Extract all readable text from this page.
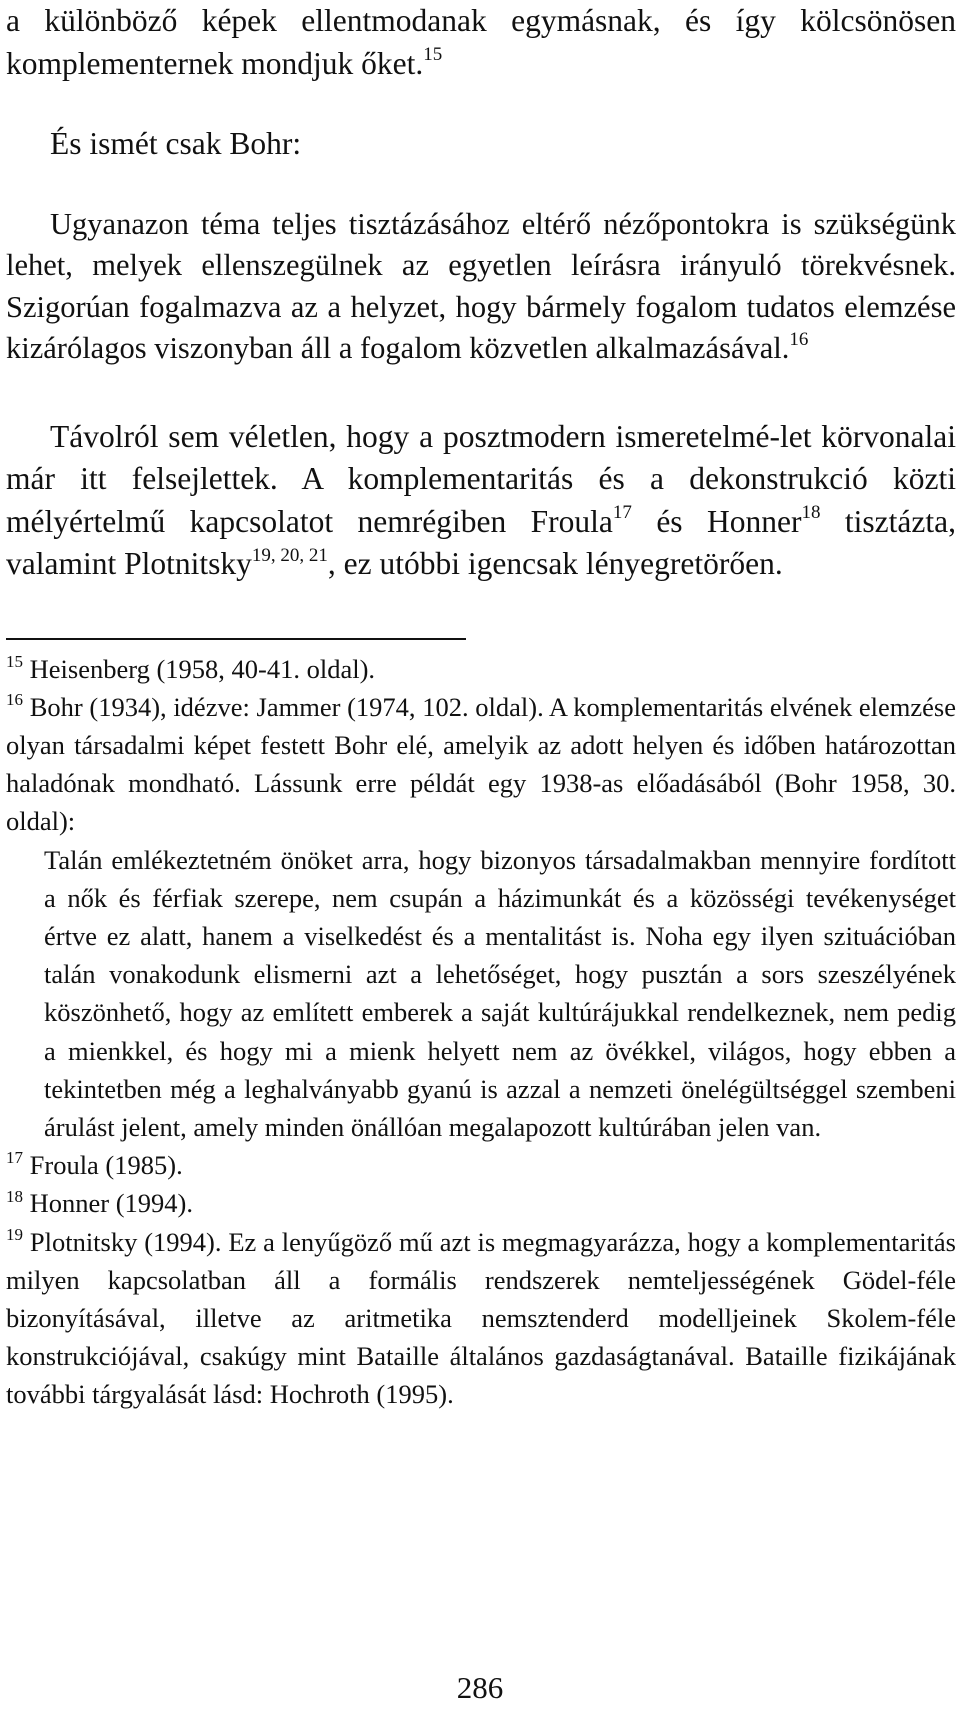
a különböző képek ellentmodanak egymásnak, és így kölcsönösen komplementernek mondjuk őket.$^{15}$

És ismét csak Bohr:

Ugyanazon téma teljes tisztázásához eltérő nézőpontokra is szükségünk lehet, melyek ellenszegülnek az egyetlen leírásra irányuló törekvésnek. Szigorúan fogalmazva az a helyzet, hogy bármely fogalom tudatos elemzése kizárólagos viszonyban áll a fogalom közvetlen alkalmazásával.$^{16}$

Távolról sem véletlen, hogy a posztmodern ismeretelmé-let körvonalai már itt felsejlettek. A komplementaritás és a dekonstrukció közti mélyértelmű kapcsolatot nemrégiben Froula$^{17}$ és Honner$^{18}$ tisztázta, valamint Plotnitsky$^{19, 20, 21}$, ez utóbbi igencsak lényegretörően.

$^{15}$ Heisenberg (1958, 40-41. oldal).

$^{16}$ Bohr (1934), idézve: Jammer (1974, 102. oldal). A komplementaritás elvének elemzése olyan társadalmi képet festett Bohr elé, amelyik az adott helyen és időben határozottan haladónak mondható. Lássunk erre példát egy 1938-as előadásából (Bohr 1958, 30. oldal):

Talán emlékeztetném önöket arra, hogy bizonyos társadalmakban mennyire fordított a nők és férfiak szerepe, nem csupán a házimunkát és a közösségi tevékenységet értve ez alatt, hanem a viselkedést és a mentalitást is. Noha egy ilyen szituációban talán vonakodunk elismerni azt a lehetőséget, hogy pusztán a sors szeszélyének köszönhető, hogy az említett emberek a saját kultúrájukkal rendelkeznek, nem pedig a mienkkel, és hogy mi a mienk helyett nem az övékkel, világos, hogy ebben a tekintetben még a leghalványabb gyanú is azzal a nemzeti önelégültséggel szembeni árulást jelent, amely minden önállóan megalapozott kultúrában jelen van.

$^{17}$ Froula (1985).

$^{18}$ Honner (1994).

$^{19}$ Plotnitsky (1994). Ez a lenyűgöző mű azt is megmagyarázza, hogy a komplementaritás milyen kapcsolatban áll a formális rendszerek nemteljességének Gödel-féle bizonyításával, illetve az aritmetika nemsztenderd modelljeinek Skolem-féle konstrukciójával, csakúgy mint Bataille általános gazdaságtanával. Bataille fizikájának további tárgyalását lásd: Hochroth (1995).

286
